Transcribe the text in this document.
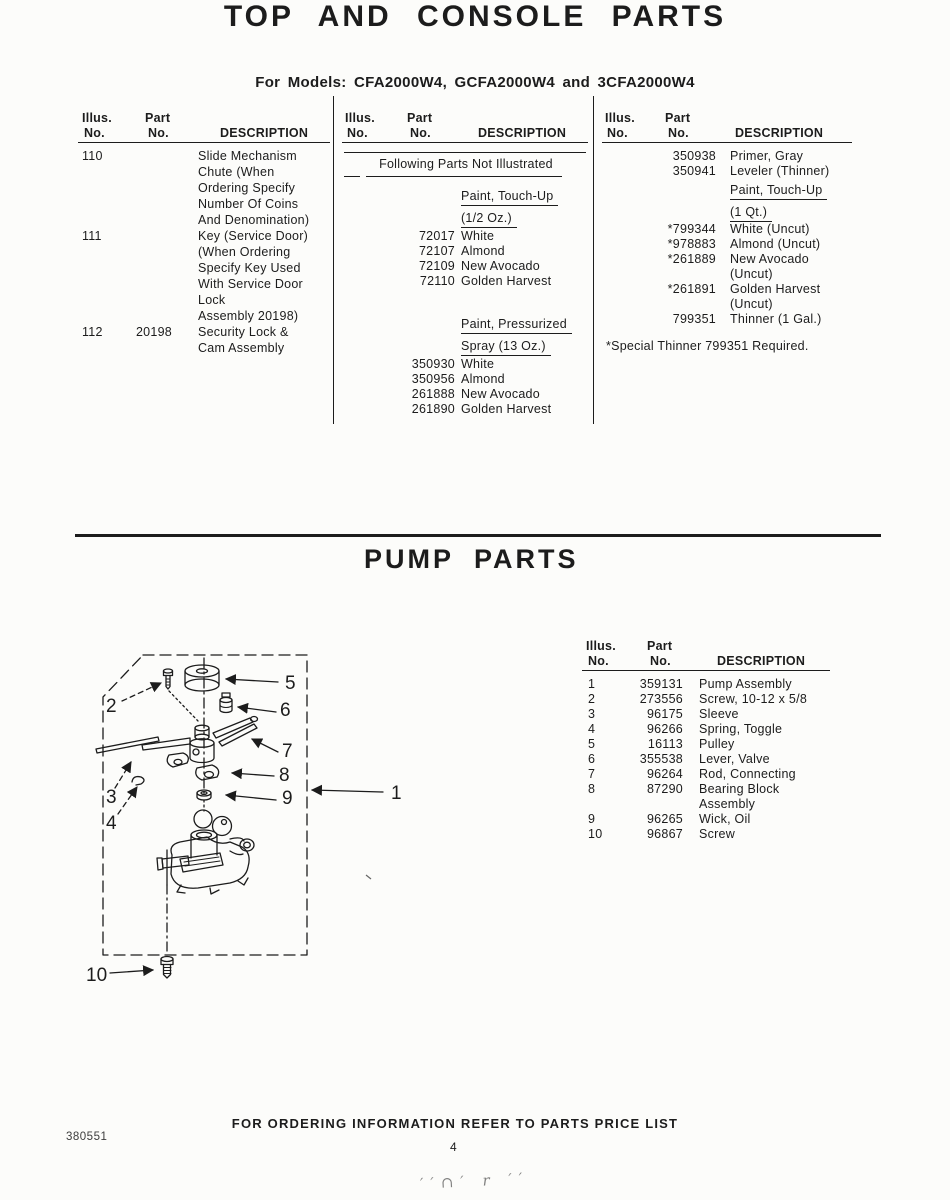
TOP AND CONSOLE PARTS
For Models: CFA2000W4, GCFA2000W4 and 3CFA2000W4
Following Parts Not Illustrated
*Special Thinner 799351 Required.
PUMP PARTS
2
5
6
7
8
9	1
3
4
10
FOR ORDERING INFORMATION REFER TO PARTS PRICE LIST
380551
4
′′∩′ r ′′
Illus.
No.
Part
No.	DESCRIPTION
Illus.
No.
Part
No.	DESCRIPTION
Illus.
No.
Part
No.	DESCRIPTION
Illus.
No.
Part
No.	DESCRIPTION
110	Slide Mechanism
Chute (When
Ordering Specify
Number Of Coins
And Denomination)
111	Key (Service Door)
(When Ordering
Specify Key Used
With Service Door
Lock
Assembly 20198)
112	20198 Security Lock &
Cam Assembly
Paint, Touch-Up
(1/2 Oz.)
72017 White
72107 Almond
72109 New Avocado
72110 Golden Harvest
Paint, Pressurized
Spray (13 Oz.)
350930 White
350956 Almond
261888 New Avocado
261890 Golden Harvest
350938 Primer, Gray
350941 Leveler (Thinner)
Paint, Touch-Up
(1 Qt.)
*799344 White (Uncut)
*978883 Almond (Uncut)
*261889 New Avocado
(Uncut)
*261891 Golden Harvest
(Uncut)
799351 Thinner (1 Gal.)
1	359131 Pump Assembly
2	273556 Screw, 10-12 x 5/8
3	96175 Sleeve
4	96266 Spring, Toggle
5	16113 Pulley
6	355538 Lever, Valve
7	96264 Rod, Connecting
8	87290 Bearing Block
Assembly
9	96265 Wick, Oil
10	96867 Screw
